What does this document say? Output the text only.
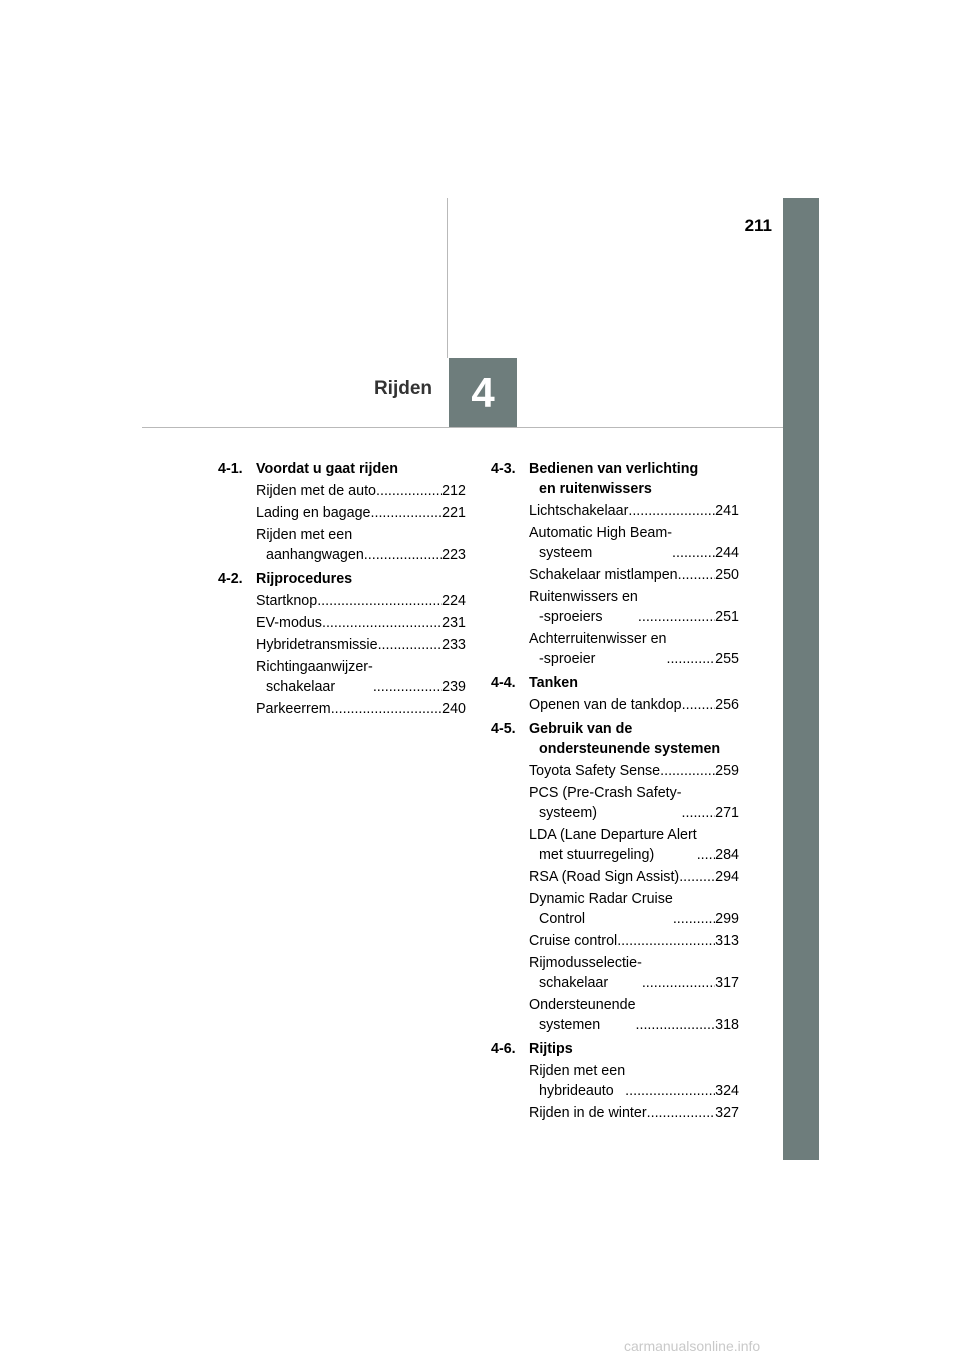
211
4
Rijden
4-1. Voordat u gaat rijden
Rijden met de auto .....	212
Lading en bagage .....	221
Rijden met een
aanhangwagen .....	223
4-2. Rijprocedures
Startknop .....	224
EV-modus .....	231
Hybridetransmissie .....	233
Richtingaanwijzer-
schakelaar .....	239
Parkeerrem .....	240
4-3. Bedienen van verlichting
en ruitenwissers
Lichtschakelaar .....	241
Automatic High Beam-
systeem .....	244
Schakelaar mistlampen .....	250
Ruitenwissers en
-sproeiers .....	251
Achterruitenwisser en
-sproeier .....	255
4-4. Tanken
Openen van de tankdop ..... 256
4-5. Gebruik van de
ondersteunende systemen
Toyota Safety Sense .....	259
PCS (Pre-Crash Safety-
systeem) .....	271
LDA (Lane Departure Alert
met stuurregeling) .....	284
RSA (Road Sign Assist) .....	294
Dynamic Radar Cruise
Control .....	299
Cruise control .....	313
Rijmodusselectie-
schakelaar .....	317
Ondersteunende
systemen .....	318
4-6. Rijtips
Rijden met een
hybrideauto .....	324
Rijden in de winter .....	327
carmanualsonline.info
